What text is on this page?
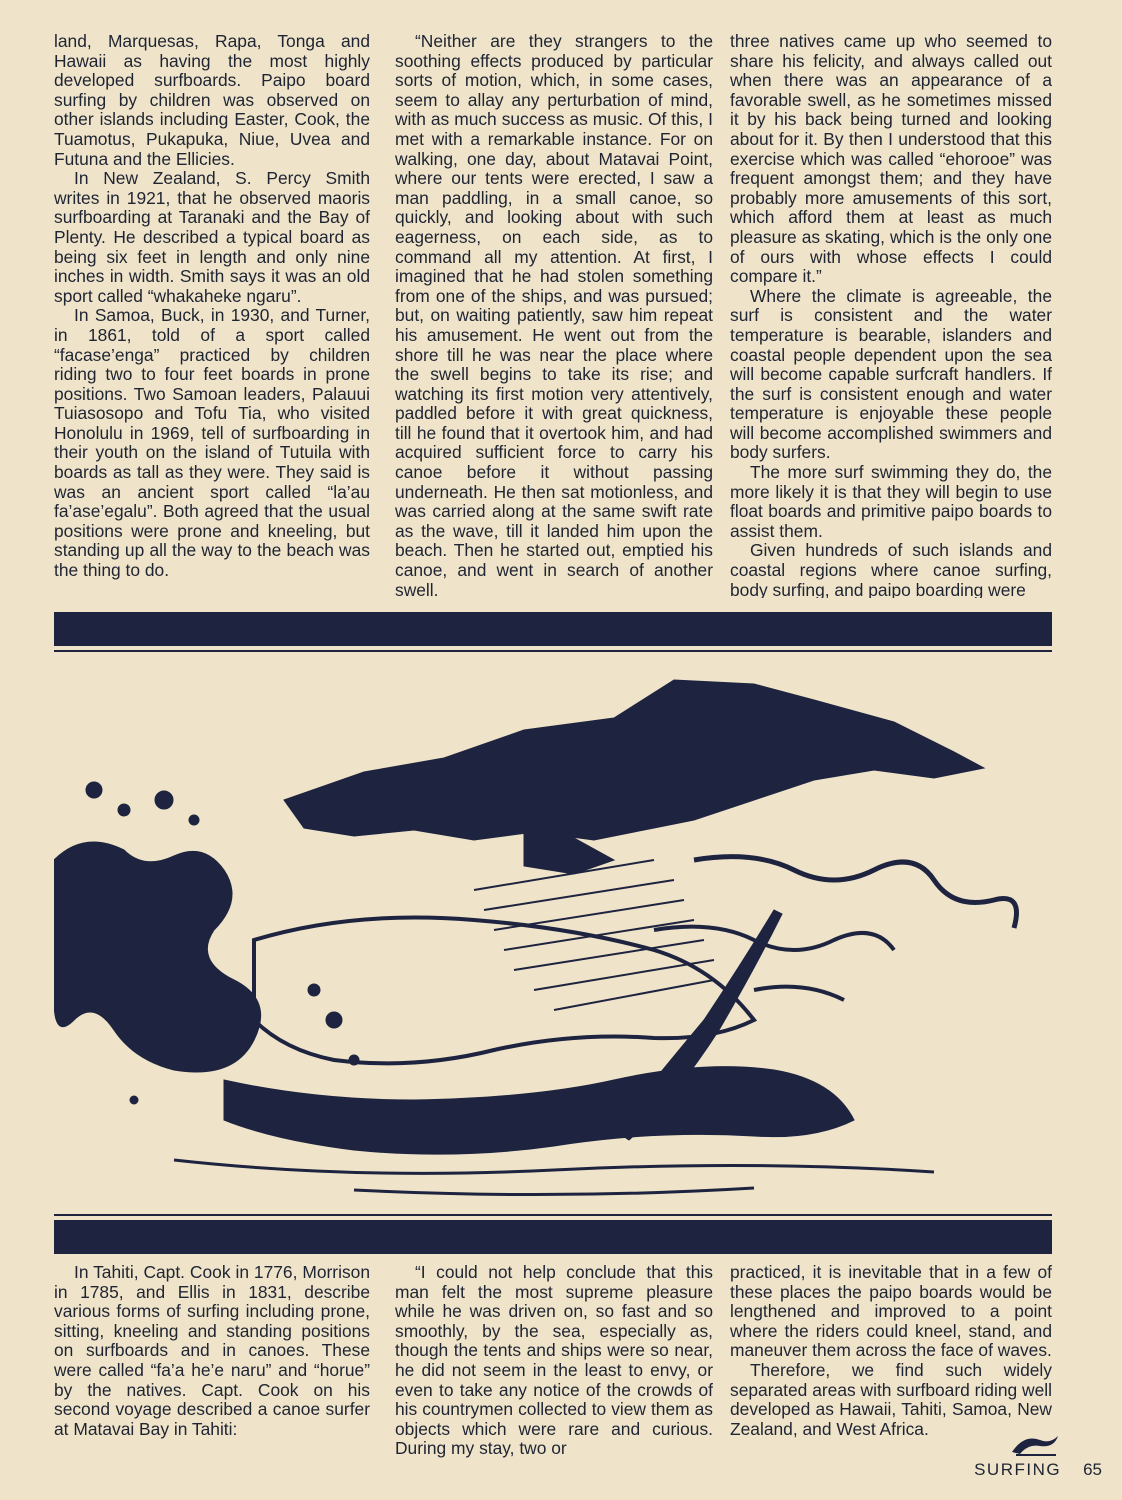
land, Marquesas, Rapa, Tonga and Hawaii as having the most highly developed surfboards. Paipo board surfing by children was observed on other islands including Easter, Cook, the Tuamotus, Pukapuka, Niue, Uvea and Futuna and the Ellicies.

In New Zealand, S. Percy Smith writes in 1921, that he observed maoris surfboarding at Taranaki and the Bay of Plenty. He described a typical board as being six feet in length and only nine inches in width. Smith says it was an old sport called “whakaheke ngaru”.

In Samoa, Buck, in 1930, and Turner, in 1861, told of a sport called “facase’enga” practiced by children riding two to four feet boards in prone positions. Two Samoan leaders, Palauui Tuiasosopo and Tofu Tia, who visited Honolulu in 1969, tell of surfboarding in their youth on the island of Tutuila with boards as tall as they were. They said is was an ancient sport called “la’au fa’ase’egalu”. Both agreed that the usual positions were prone and kneeling, but standing up all the way to the beach was the thing to do.

“Neither are they strangers to the soothing effects produced by particular sorts of motion, which, in some cases, seem to allay any perturbation of mind, with as much success as music. Of this, I met with a remarkable instance. For on walking, one day, about Matavai Point, where our tents were erected, I saw a man paddling, in a small canoe, so quickly, and looking about with such eagerness, on each side, as to command all my attention. At first, I imagined that he had stolen something from one of the ships, and was pursued; but, on waiting patiently, saw him repeat his amusement. He went out from the shore till he was near the place where the swell begins to take its rise; and watching its first motion very attentively, paddled before it with great quickness, till he found that it overtook him, and had acquired sufficient force to carry his canoe before it without passing underneath. He then sat motionless, and was carried along at the same swift rate as the wave, till it landed him upon the beach. Then he started out, emptied his canoe, and went in search of another swell.

three natives came up who seemed to share his felicity, and always called out when there was an appearance of a favorable swell, as he sometimes missed it by his back being turned and looking about for it. By then I understood that this exercise which was called “ehorooe” was frequent amongst them; and they have probably more amusements of this sort, which afford them at least as much pleasure as skating, which is the only one of ours with whose effects I could compare it.”

Where the climate is agreeable, the surf is consistent and the water temperature is bearable, islanders and coastal people dependent upon the sea will become capable surfcraft handlers. If the surf is consistent enough and water temperature is enjoyable these people will become accomplished swimmers and body surfers.

The more surf swimming they do, the more likely it is that they will begin to use float boards and primitive paipo boards to assist them.

Given hundreds of such islands and coastal regions where canoe surfing, body surfing, and paipo boarding were

In Tahiti, Capt. Cook in 1776, Morrison in 1785, and Ellis in 1831, describe various forms of surfing including prone, sitting, kneeling and standing positions on surfboards and in canoes. These were called “fa’a he’e naru” and “horue” by the natives. Capt. Cook on his second voyage described a canoe surfer at Matavai Bay in Tahiti:

“I could not help conclude that this man felt the most supreme pleasure while he was driven on, so fast and so smoothly, by the sea, especially as, though the tents and ships were so near, he did not seem in the least to envy, or even to take any notice of the crowds of his countrymen collected to view them as objects which were rare and curious. During my stay, two or

practiced, it is inevitable that in a few of these places the paipo boards would be lengthened and improved to a point where the riders could kneel, stand, and maneuver them across the face of waves.

Therefore, we find such widely separated areas with surfboard riding well developed as Hawaii, Tahiti, Samoa, New Zealand, and West Africa.

SURFING 65
